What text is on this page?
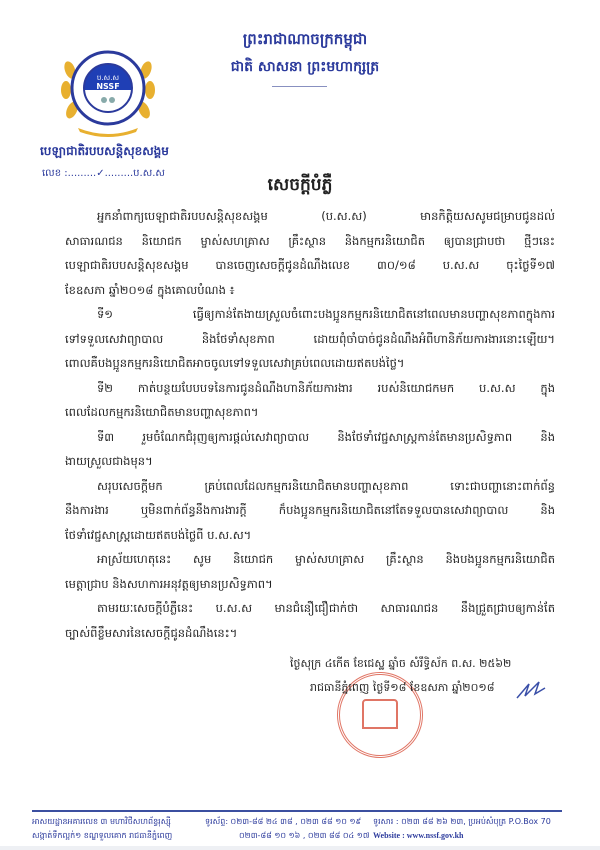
ប.ស.ស
NSSF
បេឡាជាតិរបបសន្តិសុខសង្គម
លេខ :.........✓.........ប.ស.ស
ព្រះរាជាណាចក្រកម្ពុជា
ជាតិ សាសនា ព្រះមហាក្សត្រ
សេចក្តីបំភ្លឺ
អ្នកនាំពាក្យបេឡាជាតិរបបសន្តិសុខសង្គម (ប.ស.ស) មានកិត្តិយសសូមជម្រាបជូនដល់
សាធារណជន និយោជក ម្ចាស់សហគ្រាស គ្រឹះស្ថាន និងកម្មករនិយោជិត ឲ្យបានជ្រាបថា ថ្មីៗនេះ
បេឡាជាតិរបបសន្តិសុខសង្គម បានចេញសេចក្តីជូនដំណឹងលេខ ៣០/១៨ ប.ស.ស ចុះថ្ងៃទី១៧
ខែឧសភា ឆ្នាំ២០១៨ ក្នុងគោលបំណង ៖
ទី១ ធ្វើឲ្យកាន់តែងាយស្រួលចំពោះបងប្អូនកម្មករនិយោជិតនៅពេលមានបញ្ហាសុខភាពក្នុងការ
ទៅទទួលសេវាព្យាបាល និងថែទាំសុខភាព ដោយពុំចាំបាច់ជូនដំណឹងអំពីហានិភ័យការងារនោះឡើយ។
ពោលគឺបងប្អូនកម្មករនិយោជិតអាចចូលទៅទទួលសេវាគ្រប់ពេលដោយឥតបង់ថ្លៃ។
ទី២ កាត់បន្ថយបែបបទនៃការជូនដំណឹងហានិភ័យការងារ របស់និយោជកមក ប.ស.ស ក្នុង
ពេលដែលកម្មករនិយោជិតមានបញ្ហាសុខភាព។
ទី៣ រួមចំណែកជំរុញឲ្យការផ្តល់សេវាព្យាបាល និងថែទាំវេជ្ជសាស្ត្រកាន់តែមានប្រសិទ្ធភាព និង
ងាយស្រួលជាងមុន។
សរុបសេចក្តីមក គ្រប់ពេលដែលកម្មករនិយោជិតមានបញ្ហាសុខភាព ទោះជាបញ្ហានោះពាក់ព័ន្ធ
នឹងការងារ ឬមិនពាក់ព័ន្ធនឹងការងារក្តី ក៏បងប្អូនកម្មករនិយោជិតនៅតែទទួលបានសេវាព្យាបាល និង
ថែទាំវេជ្ជសាស្ត្រដោយឥតបង់ថ្លៃពី ប.ស.ស។
អាស្រ័យហេតុនេះ សូម និយោជក ម្ចាស់សហគ្រាស គ្រឹះស្ថាន និងបងប្អូនកម្មករនិយោជិត
មេត្តាជ្រាប និងសហការអនុវត្តឲ្យមានប្រសិទ្ធភាព។
តាមរយៈសេចក្តីបំភ្លឺនេះ ប.ស.ស មានជំនឿជឿជាក់ថា សាធារណជន នឹងជ្រួតជ្រាបឲ្យកាន់តែ
ច្បាស់ពីខ្លឹមសារនៃសេចក្តីជូនដំណឹងនេះ។
ថ្ងៃសុក្រ ៤កើត ខែជេស្ឋ ឆ្នាំច សំរឹទ្ធិស័ក ព.ស. ២៥៦២
រាជធានីភ្នំពេញ ថ្ងៃទី១៨ ខែឧសភា ឆ្នាំ២០១៨
អាសយដ្ឋានអគារលេខ ៣ មហាវិថីសហព័ន្ធរុស្ស៊ី
សង្កាត់ទឹកល្អក់១ ខណ្ឌទួលគោក រាជធានីភ្នំពេញ
ទូរស័ព្ទ: ០២៣-៨៨ ២៤ ៣៨ , ០២៣ ៨៨ ១០ ១៩
០២៣-៨៨ ១០ ១៦ , ០២៣ ៨៨ ០៤ ១៧
ទូរសារ : ០២៣ ៨៨ ២៦ ២៣, ប្រអប់សំបុត្រ P.O.Box 70
Website : www.nssf.gov.kh
